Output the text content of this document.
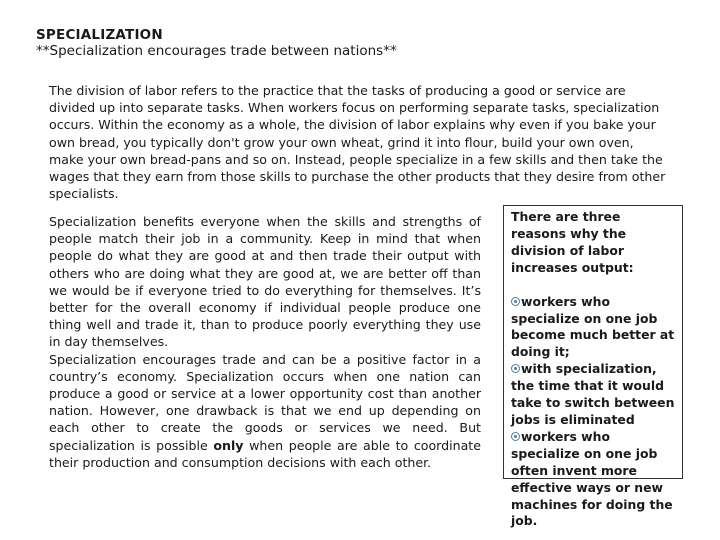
SPECIALIZATION
**Specialization encourages trade between nations**

The division of labor refers to the practice that the tasks of producing a good or service are divided up into separate tasks. When workers focus on performing separate tasks, specialization occurs. Within the economy as a whole, the division of labor explains why even if you bake your own bread, you typically don't grow your own wheat, grind it into flour, build your own oven, make your own bread-pans and so on. Instead, people specialize in a few skills and then take the wages that they earn from those skills to purchase the other products that they desire from other specialists.

Specialization benefits everyone when the skills and strengths of people match their job in a community. Keep in mind that when people do what they are good at and then trade their output with others who are doing what they are good at, we are better off than we would be if everyone tried to do everything for themselves. It’s better for the overall economy if individual people produce one thing well and trade it, than to produce poorly everything they use in day themselves.

Specialization encourages trade and can be a positive factor in a country’s economy. Specialization occurs when one nation can produce a good or service at a lower opportunity cost than another nation. However, one drawback is that we end up depending on each other to create the goods or services we need. But specialization is possible only when people are able to coordinate their production and consumption decisions with each other.

There are three reasons why the division of labor increases output:

workers who specialize on one job become much better at doing it;
with specialization, the time that it would take to switch between jobs is eliminated
workers who specialize on one job often invent more effective ways or new machines for doing the job.
